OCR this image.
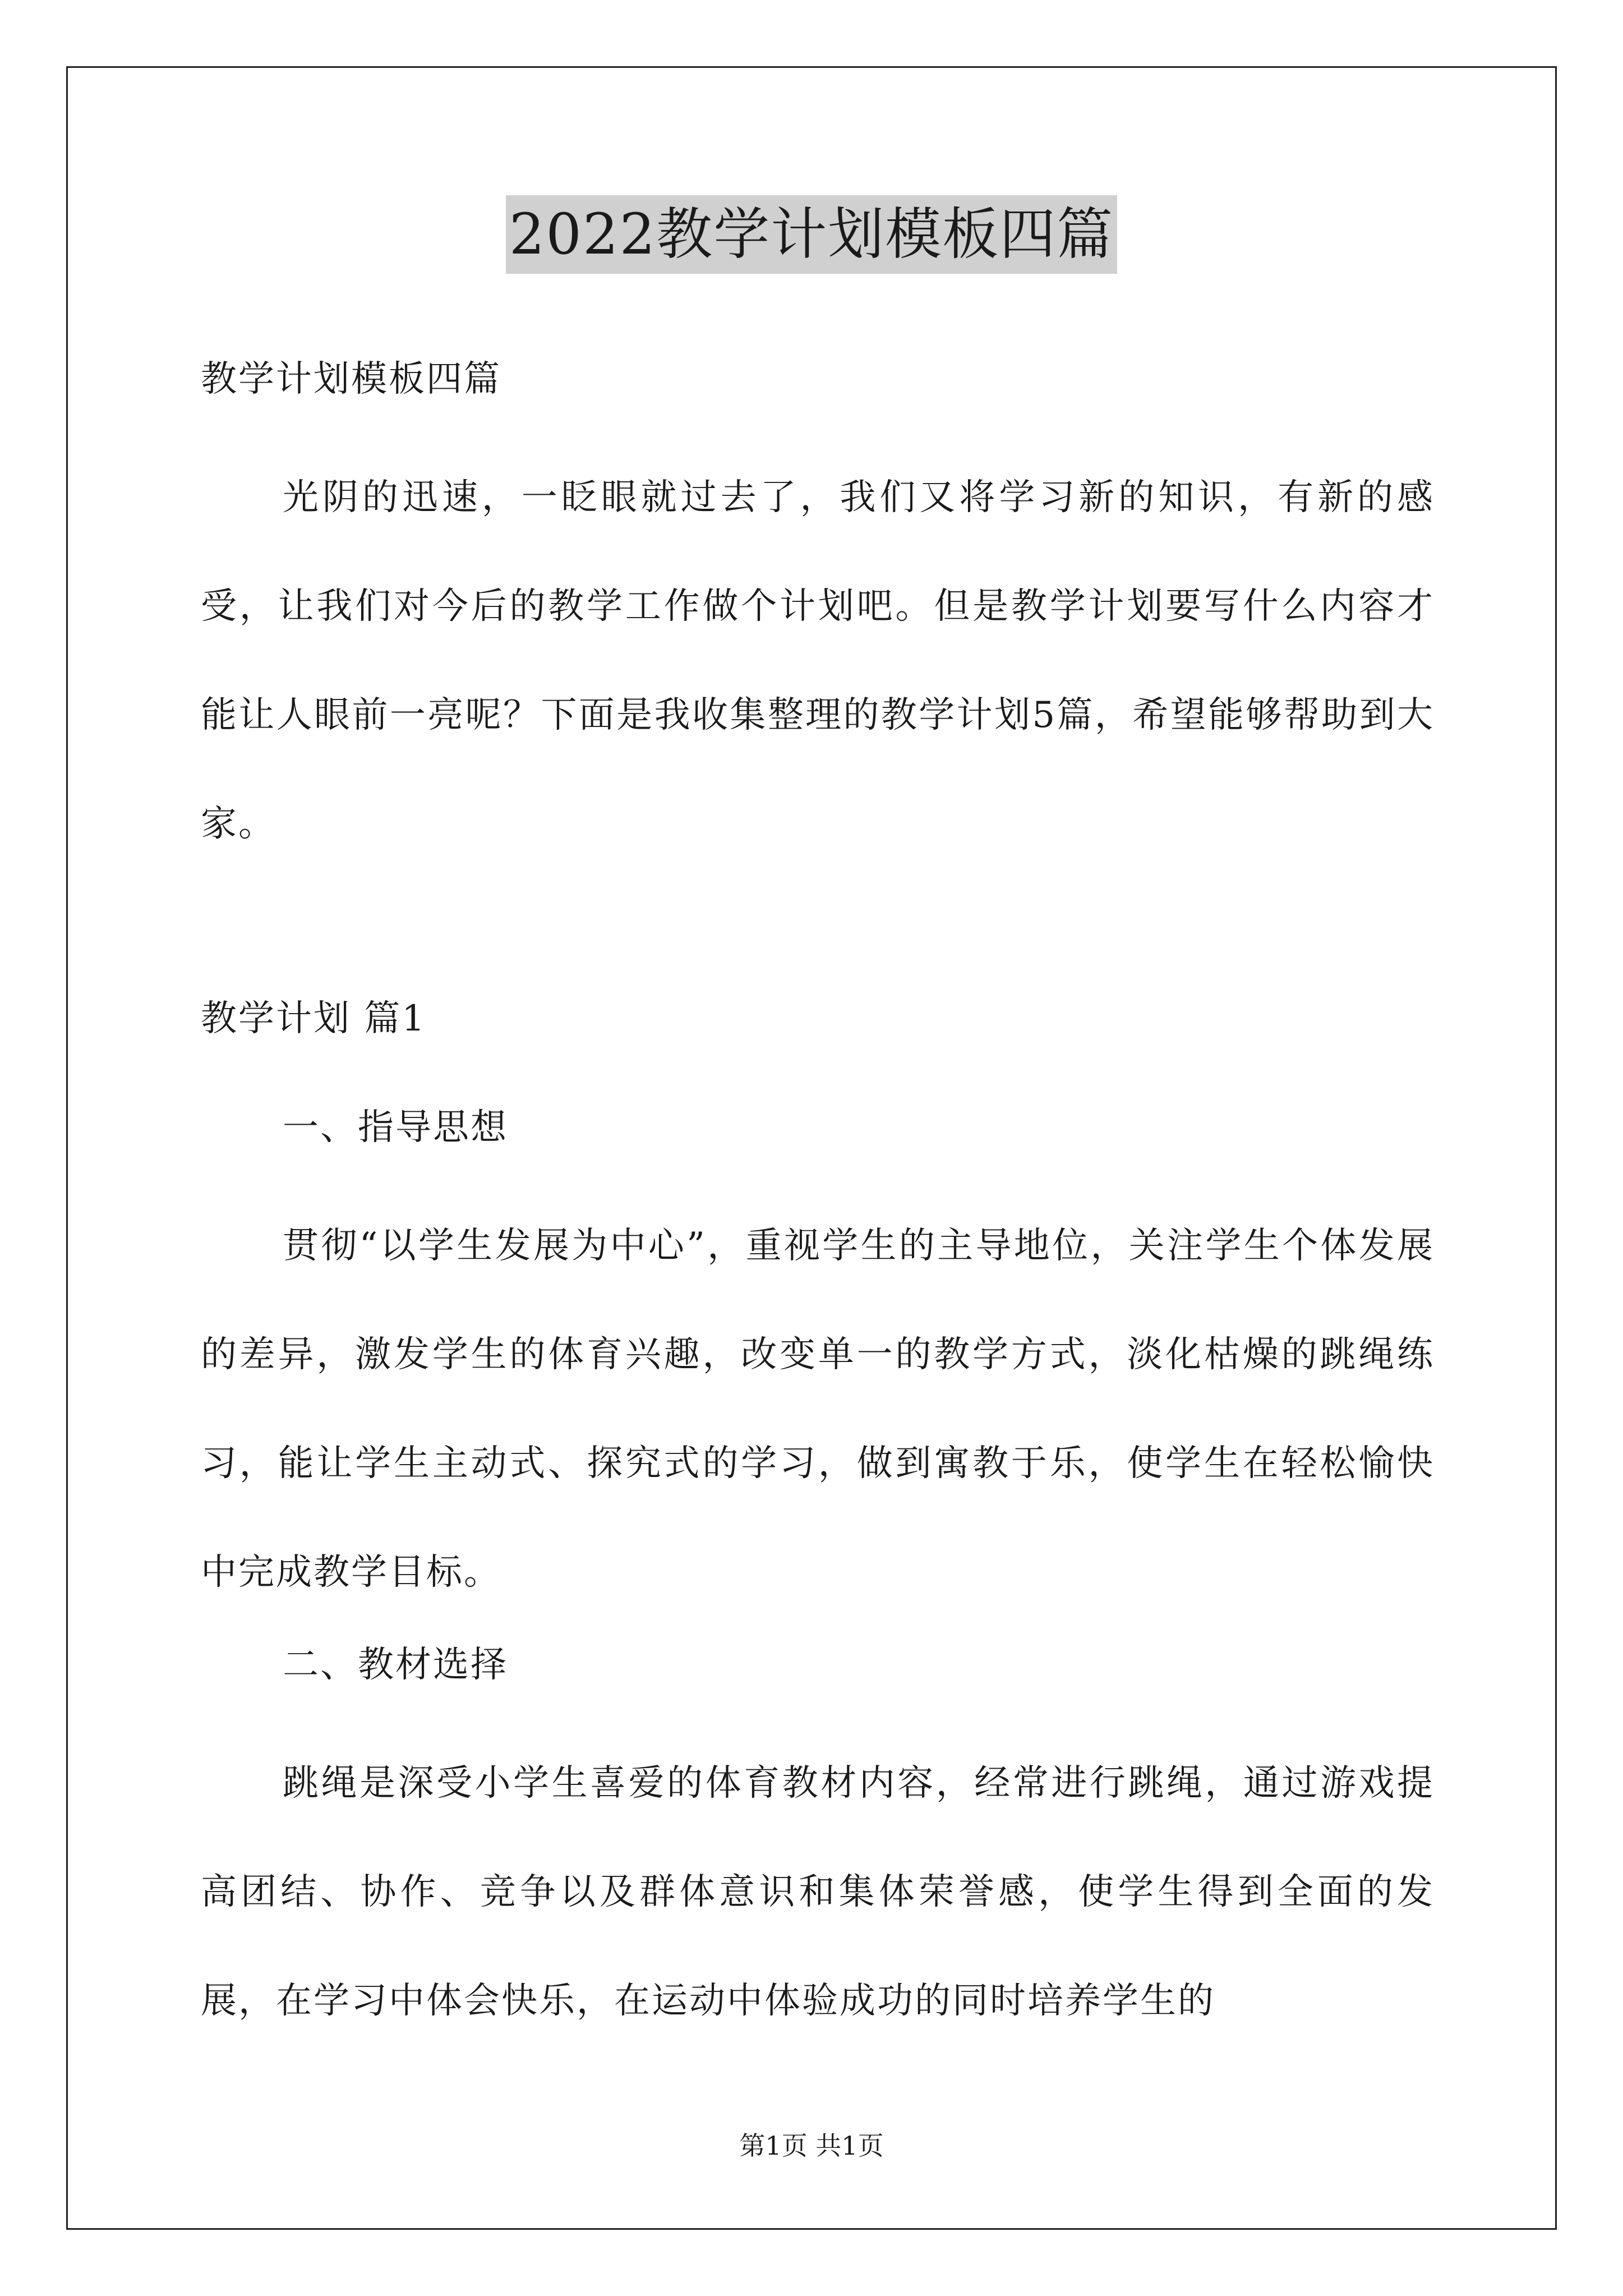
2022教学计划模板四篇
教学计划模板四篇
光阴的迅速，一眨眼就过去了，我们又将学习新的知识，有新的感受，让我们对今后的教学工作做个计划吧。但是教学计划要写什么内容才能让人眼前一亮呢？下面是我收集整理的教学计划5篇，希望能够帮助到大家。
教学计划 篇1
一、指导思想
贯彻“以学生发展为中心”，重视学生的主导地位，关注学生个体发展的差异，激发学生的体育兴趣，改变单一的教学方式，淡化枯燥的跳绳练习，能让学生主动式、探究式的学习，做到寓教于乐，使学生在轻松愉快中完成教学目标。
二、教材选择
跳绳是深受小学生喜爱的体育教材内容，经常进行跳绳，通过游戏提高团结、协作、竞争以及群体意识和集体荣誉感，使学生得到全面的发展，在学习中体会快乐，在运动中体验成功的同时培养学生的
第1页 共1页
